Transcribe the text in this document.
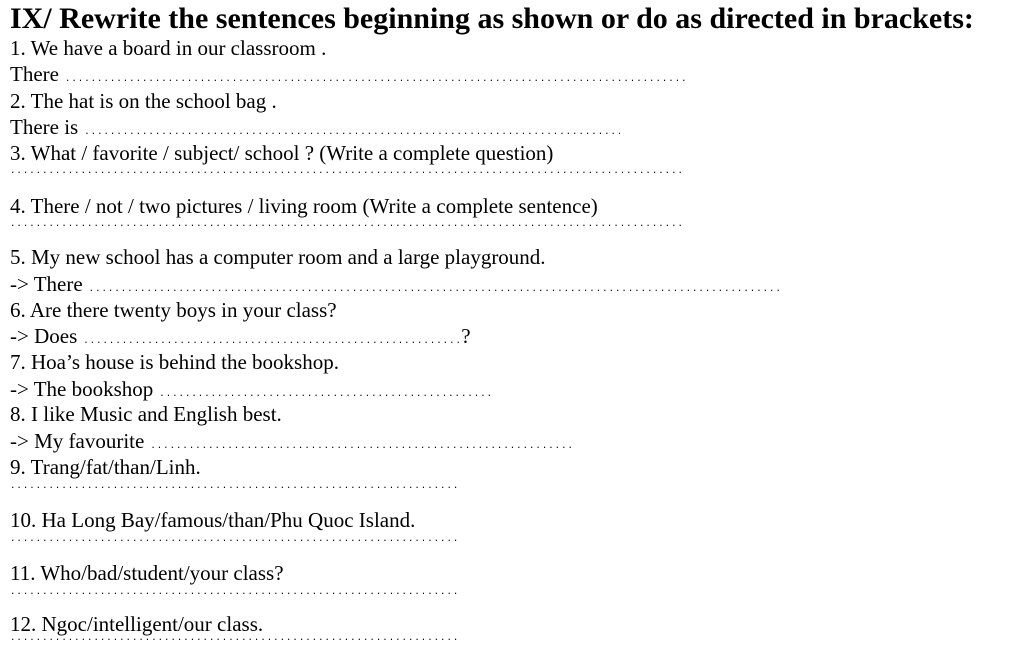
IX/ Rewrite the sentences beginning as shown or do as directed in brackets:
1. We have a board in our classroom .
There
.....
2. The hat is on the school bag .
There is
.....
3. What / favorite / subject/ school ? (Write a complete question)
.....
4. There / not / two pictures / living room (Write a complete sentence)
.....
5. My new school has a computer room and a large playground.
-> There
.....
6. Are there twenty boys in your class?
-> Does
.....	?
7. Hoa’s house is behind the bookshop.
-> The bookshop
.....
8. I like Music and English best.
-> My favourite
.....
9. Trang/fat/than/Linh.
.....
10. Ha Long Bay/famous/than/Phu Quoc Island.
.....
11. Who/bad/student/your class?
.....
12. Ngoc/intelligent/our class.
.....
